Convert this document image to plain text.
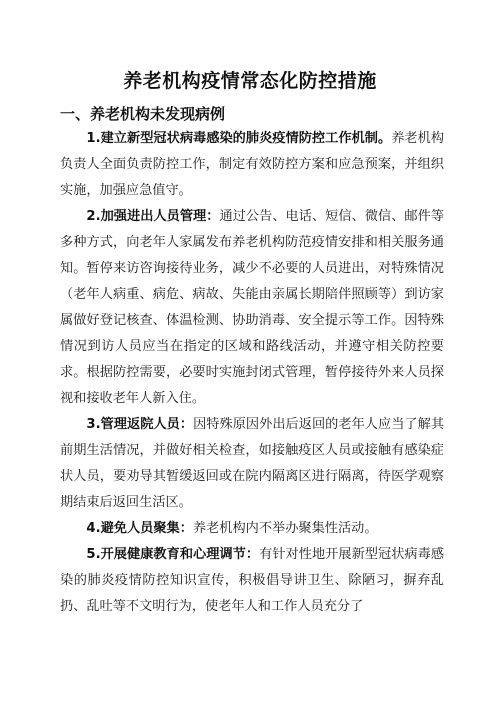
养老机构疫情常态化防控措施
一、养老机构未发现病例

1.建立新型冠状病毒感染的肺炎疫情防控工作机制。养老机构负责人全面负责防控工作，制定有效防控方案和应急预案，并组织实施，加强应急值守。

2.加强进出人员管理：通过公告、电话、短信、微信、邮件等多种方式，向老年人家属发布养老机构防范疫情安排和相关服务通知。暂停来访咨询接待业务，减少不必要的人员进出，对特殊情况（老年人病重、病危、病故、失能由亲属长期陪伴照顾等）到访家属做好登记核查、体温检测、协助消毒、安全提示等工作。因特殊情况到访人员应当在指定的区域和路线活动，并遵守相关防控要求。根据防控需要，必要时实施封闭式管理，暂停接待外来人员探视和接收老年人新入住。

3.管理返院人员：因特殊原因外出后返回的老年人应当了解其前期生活情况，并做好相关检查，如接触疫区人员或接触有感染症状人员，要劝导其暂缓返回或在院内隔离区进行隔离，待医学观察期结束后返回生活区。

4.避免人员聚集：养老机构内不举办聚集性活动。

5.开展健康教育和心理调节：有针对性地开展新型冠状病毒感染的肺炎疫情防控知识宣传，积极倡导讲卫生、除陋习，摒弃乱扔、乱吐等不文明行为，使老年人和工作人员充分了
